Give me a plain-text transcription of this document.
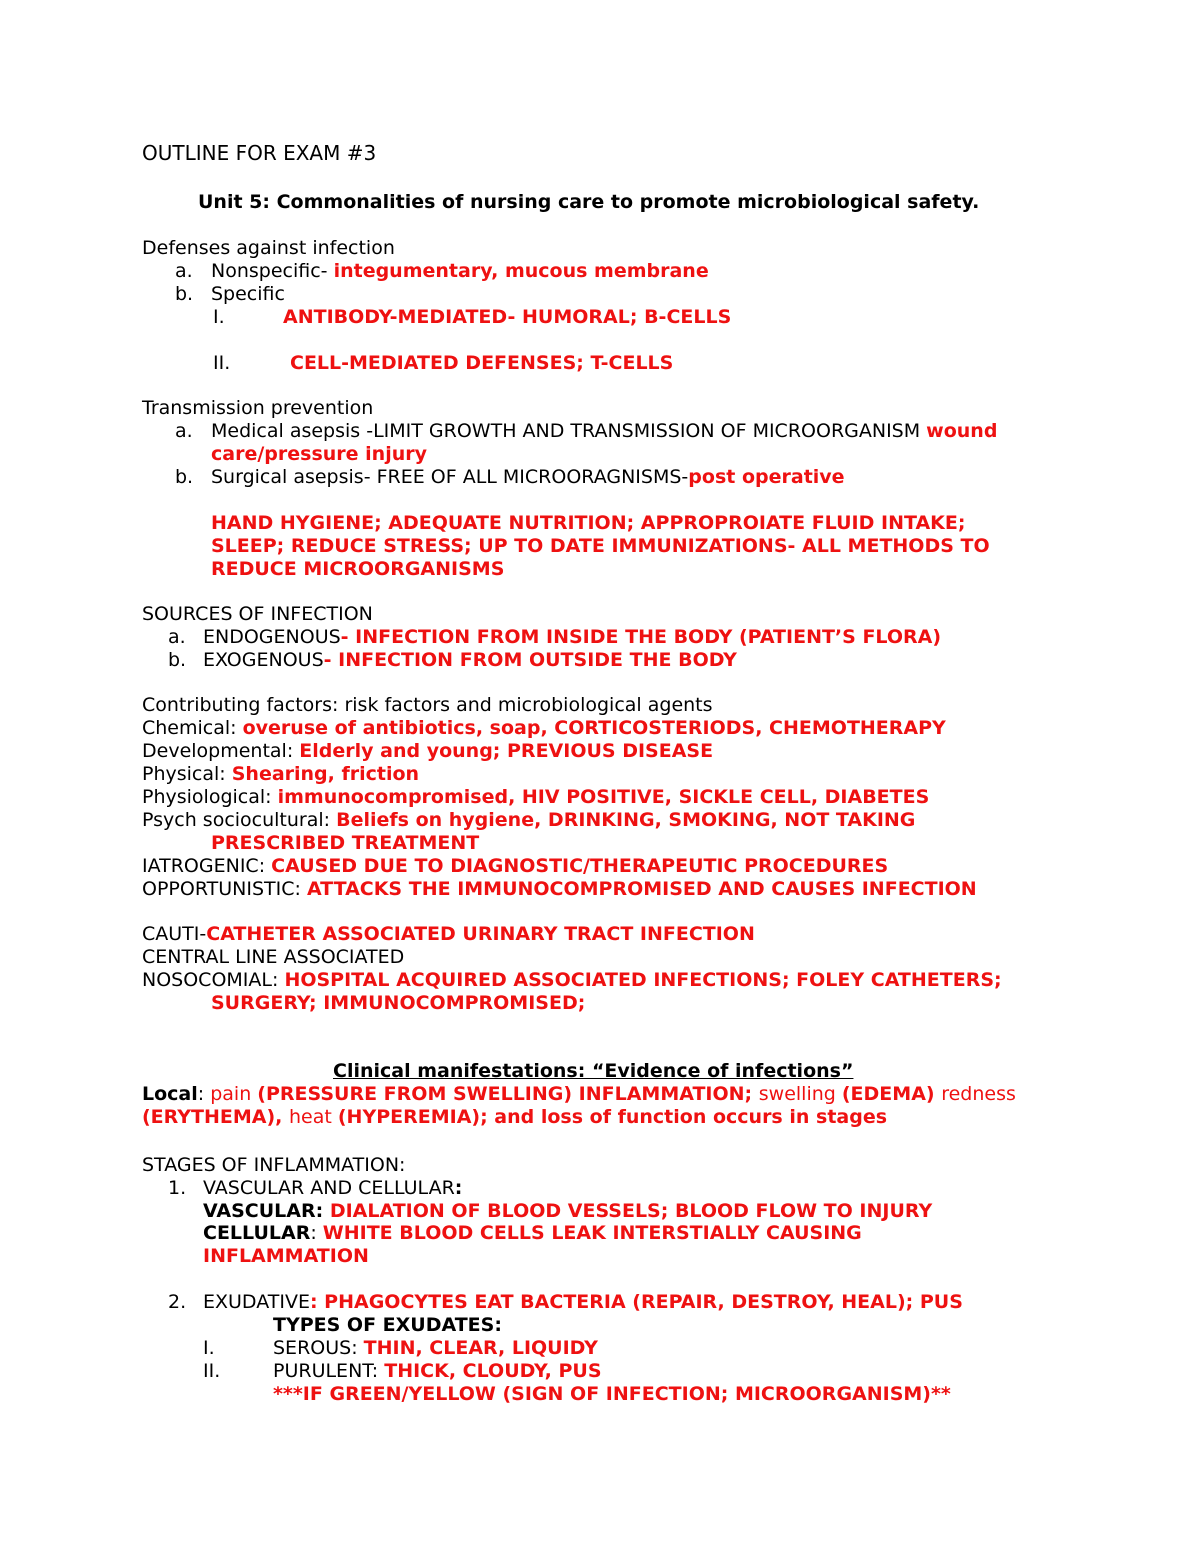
OUTLINE FOR EXAM #3
Unit 5: Commonalities of nursing care to promote microbiological safety.
Defenses against infection
a. Nonspecific- integumentary, mucous membrane
b. Specific
I.	ANTIBODY-MEDIATED- HUMORAL; B-CELLS
II.	CELL-MEDIATED DEFENSES; T-CELLS
Transmission prevention
a. Medical asepsis -LIMIT GROWTH AND TRANSMISSION OF MICROORGANISM wound
care/pressure injury
b. Surgical asepsis- FREE OF ALL MICROORAGNISMS-post operative
HAND HYGIENE; ADEQUATE NUTRITION; APPROPROIATE FLUID INTAKE;
SLEEP; REDUCE STRESS; UP TO DATE IMMUNIZATIONS- ALL METHODS TO
REDUCE MICROORGANISMS
SOURCES OF INFECTION
a. ENDOGENOUS- INFECTION FROM INSIDE THE BODY (PATIENT’S FLORA)
b. EXOGENOUS- INFECTION FROM OUTSIDE THE BODY
Contributing factors: risk factors and microbiological agents
Chemical: overuse of antibiotics, soap, CORTICOSTERIODS, CHEMOTHERAPY
Developmental: Elderly and young; PREVIOUS DISEASE
Physical: Shearing, friction
Physiological: immunocompromised, HIV POSITIVE, SICKLE CELL, DIABETES
Psych sociocultural: Beliefs on hygiene, DRINKING, SMOKING, NOT TAKING
PRESCRIBED TREATMENT
IATROGENIC: CAUSED DUE TO DIAGNOSTIC/THERAPEUTIC PROCEDURES
OPPORTUNISTIC: ATTACKS THE IMMUNOCOMPROMISED AND CAUSES INFECTION
CAUTI-CATHETER ASSOCIATED URINARY TRACT INFECTION
CENTRAL LINE ASSOCIATED
NOSOCOMIAL: HOSPITAL ACQUIRED ASSOCIATED INFECTIONS; FOLEY CATHETERS;
SURGERY; IMMUNOCOMPROMISED;
Clinical manifestations: “Evidence of infections”
Local: pain (PRESSURE FROM SWELLING) INFLAMMATION; swelling (EDEMA) redness
(ERYTHEMA), heat (HYPEREMIA); and loss of function occurs in stages
STAGES OF INFLAMMATION:
1. VASCULAR AND CELLULAR:
VASCULAR: DIALATION OF BLOOD VESSELS; BLOOD FLOW TO INJURY
CELLULAR: WHITE BLOOD CELLS LEAK INTERSTIALLY CAUSING
INFLAMMATION
2. EXUDATIVE: PHAGOCYTES EAT BACTERIA (REPAIR, DESTROY, HEAL); PUS
TYPES OF EXUDATES:
I.	SEROUS: THIN, CLEAR, LIQUIDY
II.	PURULENT: THICK, CLOUDY, PUS
***IF GREEN/YELLOW (SIGN OF INFECTION; MICROORGANISM)**
